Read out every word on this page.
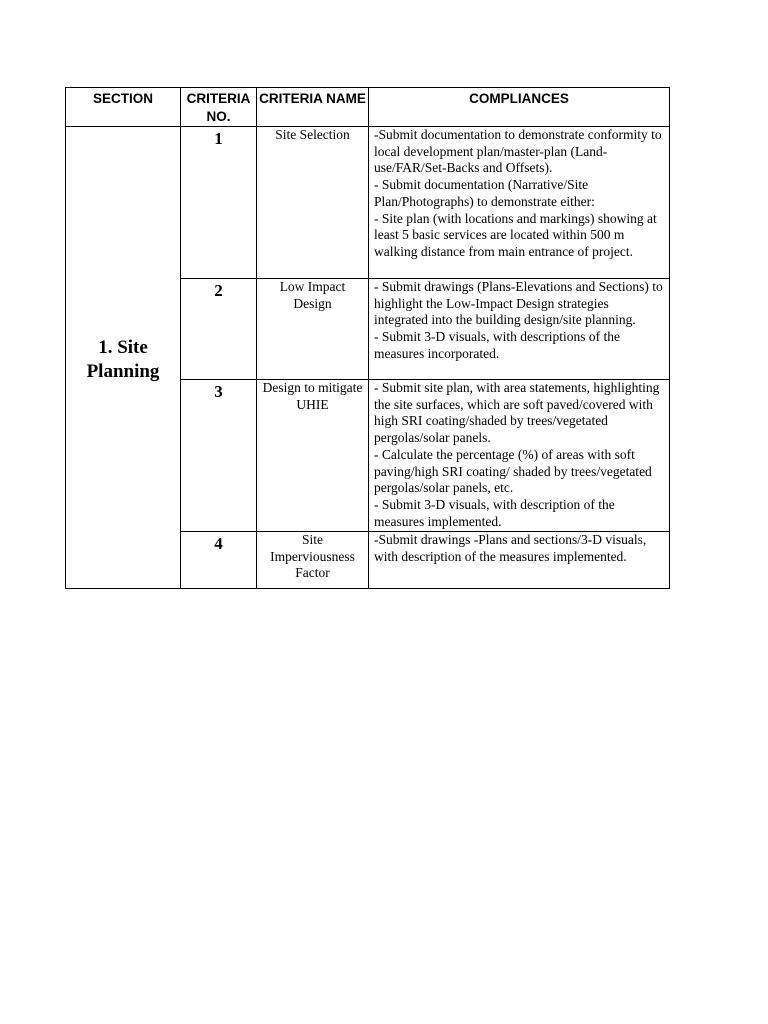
SECTION	CRITERIA NO.	CRITERIA NAME	COMPLIANCES

1. Site Planning	1	Site Selection	-Submit documentation to demonstrate conformity to local development plan/master-plan (Land-use/FAR/Set-Backs and Offsets).
- Submit documentation (Narrative/Site Plan/Photographs) to demonstrate either:
- Site plan (with locations and markings) showing at least 5 basic services are located within 500 m walking distance from main entrance of project.

	2	Low Impact Design	- Submit drawings (Plans-Elevations and Sections) to highlight the Low-Impact Design strategies integrated into the building design/site planning.
- Submit 3-D visuals, with descriptions of the measures incorporated.

	3	Design to mitigate UHIE	- Submit site plan, with area statements, highlighting the site surfaces, which are soft paved/covered with high SRI coating/shaded by trees/vegetated pergolas/solar panels.
- Calculate the percentage (%) of areas with soft paving/high SRI coating/ shaded by trees/vegetated pergolas/solar panels, etc.
- Submit 3-D visuals, with description of the measures implemented.

	4	Site Imperviousness Factor	-Submit drawings -Plans and sections/3-D visuals, with description of the measures implemented.
